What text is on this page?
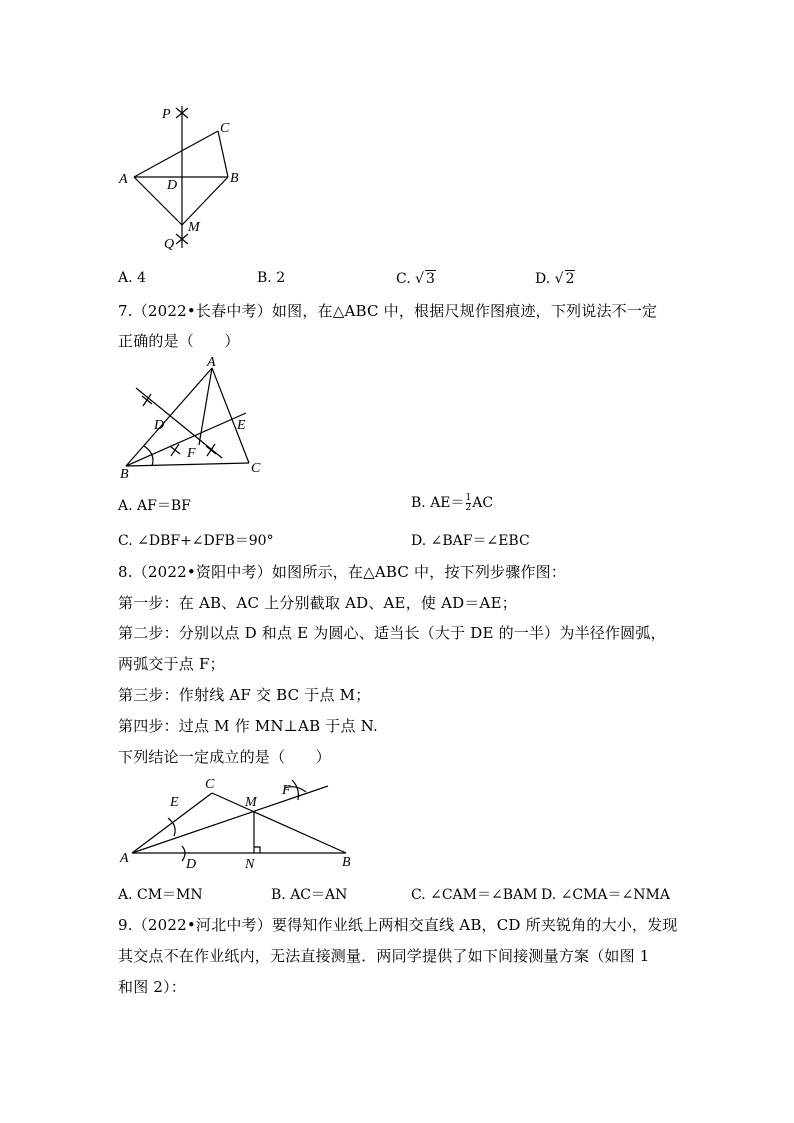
P
C
A	D	B
M
Q
A. 4	B. 2	C. √ 3	D. √ 2
7.（2022•长春中考）如图，在△ABC 中，根据尺规作图痕迹，下列说法不一定
正确的是（　　）
A
D	E
F
B	C
A. AF＝BF	B. $AE= \frac{1}{2}$ AC
C. ∠DBF+∠DFB＝90°	D. ∠BAF＝∠EBC
8.（2022•资阳中考）如图所示，在△ABC 中，按下列步骤作图：
第一步：在 AB、AC 上分别截取 AD、AE，使 AD＝AE；
第二步：分别以点 D 和点 E 为圆心、适当长（大于 DE 的一半）为半径作圆弧，
两弧交于点 F；
第三步：作射线 AF 交 BC 于点 M；
第四步：过点 M 作 MN⊥AB 于点 N.
下列结论一定成立的是（　　）
C
M
F
E
A	D	N	B
A. CM＝MN	B. AC＝AN	C. ∠CAM＝∠BAM D. ∠CMA＝∠NMA
9.（2022•河北中考）要得知作业纸上两相交直线 AB，CD 所夹锐角的大小，发现
其交点不在作业纸内，无法直接测量．两同学提供了如下间接测量方案（如图 1
和图 2）：
